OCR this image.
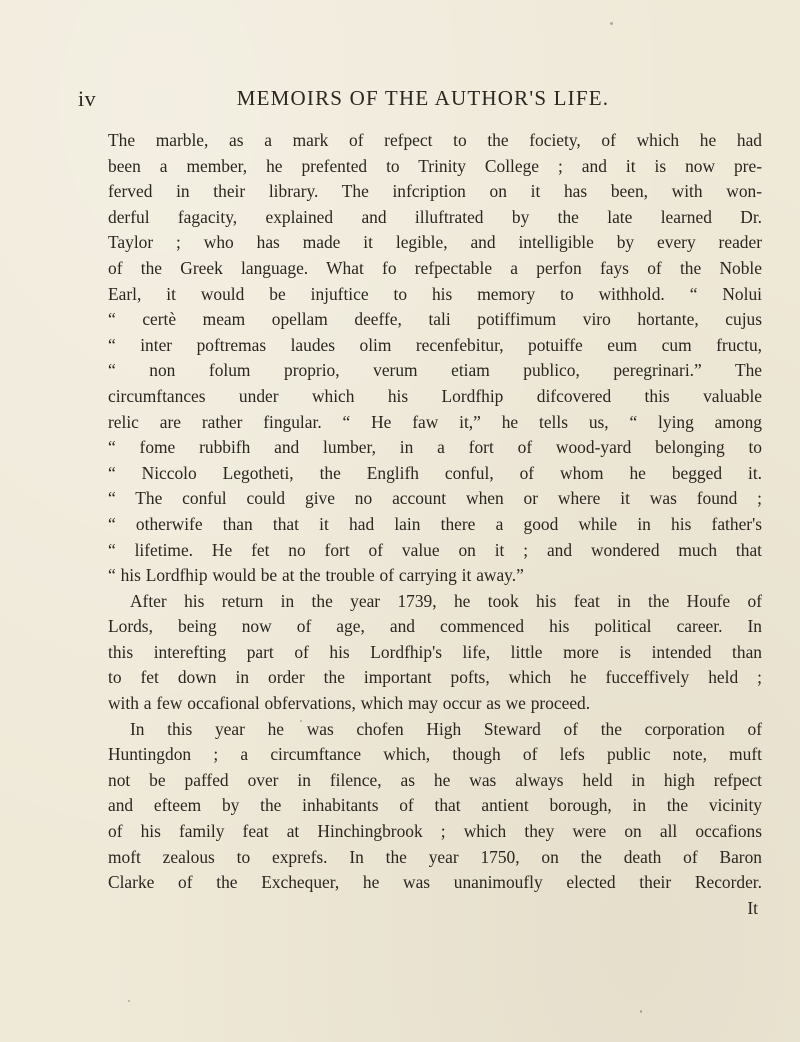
iv	MEMOIRS OF THE AUTHOR'S LIFE.
The marble, as a mark of refpect to the fociety, of which he had
been a member, he prefented to Trinity College ; and it is now pre-
ferved in their library. The infcription on it has been, with won-
derful fagacity, explained and illuftrated by the late learned Dr.
Taylor ; who has made it legible, and intelligible by every reader
of the Greek language. What fo refpectable a perfon fays of the Noble
Earl, it would be injuftice to his memory to withhold. “ Nolui
“ certè meam opellam deeffe, tali potiffimum viro hortante, cujus
“ inter poftremas laudes olim recenfebitur, potuiffe eum cum fructu,
“ non folum proprio, verum etiam publico, peregrinari.” The
circumftances under which his Lordfhip difcovered this valuable
relic are rather fingular. “ He faw it,” he tells us, “ lying among
“ fome rubbifh and lumber, in a fort of wood-yard belonging to
“ Niccolo Legotheti, the Englifh conful, of whom he begged it.
“ The conful could give no account when or where it was found ;
“ otherwife than that it had lain there a good while in his father's
“ lifetime. He fet no fort of value on it ; and wondered much that
“ his Lordfhip would be at the trouble of carrying it away.”
After his return in the year 1739, he took his feat in the Houfe of
Lords, being now of age, and commenced his political career. In
this interefting part of his Lordfhip's life, little more is intended than
to fet down in order the important pofts, which he fucceffively held ;
with a few occafional obfervations, which may occur as we proceed.
In this year he was chofen High Steward of the corporation of
Huntingdon ; a circumftance which, though of lefs public note, muft
not be paffed over in filence, as he was always held in high refpect
and efteem by the inhabitants of that antient borough, in the vicinity
of his family feat at Hinchingbrook ; which they were on all occafions
moft zealous to exprefs. In the year 1750, on the death of Baron
Clarke of the Exchequer, he was unanimoufly elected their Recorder.
It
